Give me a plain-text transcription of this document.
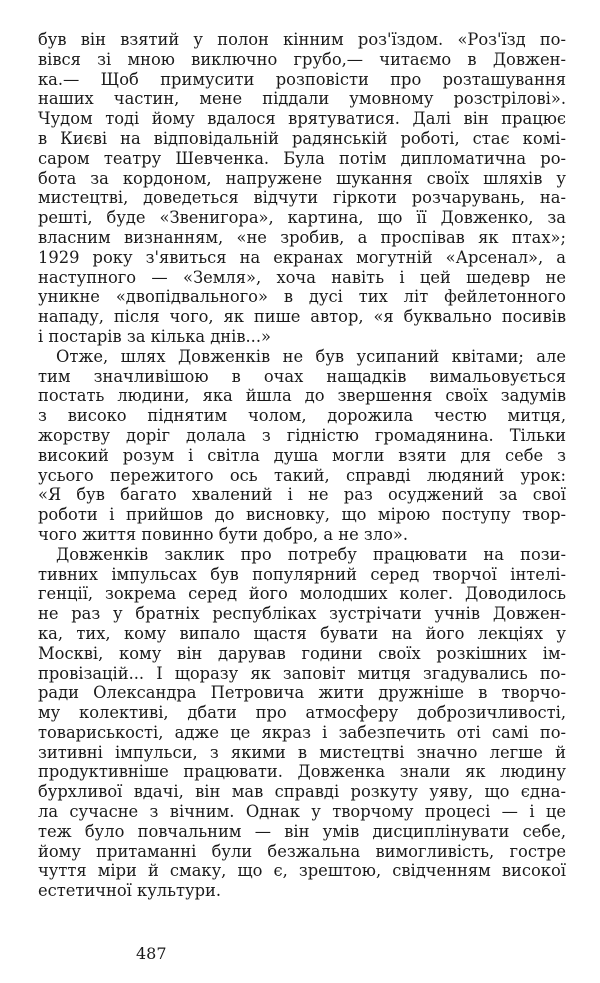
був він взятий у полон кінним роз'їздом. «Роз'їзд по-
вівся зі мною виключно грубо,— читаємо в Довжен-
ка.— Щоб примусити розповісти про розташування
наших частин, мене піддали умовному розстрілові».
Чудом тоді йому вдалося врятуватися. Далі він працює
в Києві на відповідальній радянській роботі, стає комі-
саром театру Шевченка. Була потім дипломатична ро-
бота за кордоном, напружене шукання своїх шляхів у
мистецтві, доведеться відчути гіркоти розчарувань, на-
решті, буде «Звенигора», картина, що її Довженко, за
власним визнанням, «не зробив, а проспівав як птах»;
1929 року з'явиться на екранах могутній «Арсенал», а
наступного — «Земля», хоча навіть і цей шедевр не
уникне «двопідвального» в дусі тих літ фейлетонного
нападу, після чого, як пише автор, «я буквально посивів
і постарів за кілька днів...»
Отже, шлях Довженків не був усипаний квітами; але
тим значливішою в очах нащадків вимальовується
постать людини, яка йшла до звершення своїх задумів
з високо піднятим чолом, дорожила честю митця,
жорству доріг долала з гідністю громадянина. Тільки
високий розум і світла душа могли взяти для себе з
усього пережитого ось такий, справді людяний урок:
«Я був багато хвалений і не раз осуджений за свої
роботи і прийшов до висновку, що мірою поступу твор-
чого життя повинно бути добро, а не зло».
Довженків заклик про потребу працювати на пози-
тивних імпульсах був популярний серед творчої інтелі-
генції, зокрема серед його молодших колег. Доводилось
не раз у братніх республіках зустрічати учнів Довжен-
ка, тих, кому випало щастя бувати на його лекціях у
Москві, кому він дарував години своїх розкішних ім-
провізацій... І щоразу як заповіт митця згадувались по-
ради Олександра Петровича жити дружніше в творчо-
му колективі, дбати про атмосферу доброзичливості,
товариськості, адже це якраз і забезпечить оті самі по-
зитивні імпульси, з якими в мистецтві значно легше й
продуктивніше працювати. Довженка знали як людину
бурхливої вдачі, він мав справді розкуту уяву, що єдна-
ла сучасне з вічним. Однак у творчому процесі — і це
теж було повчальним — він умів дисциплінувати себе,
йому притаманні були безжальна вимогливість, гостре
чуття міри й смаку, що є, зрештою, свідченням високої
естетичної культури.
487
